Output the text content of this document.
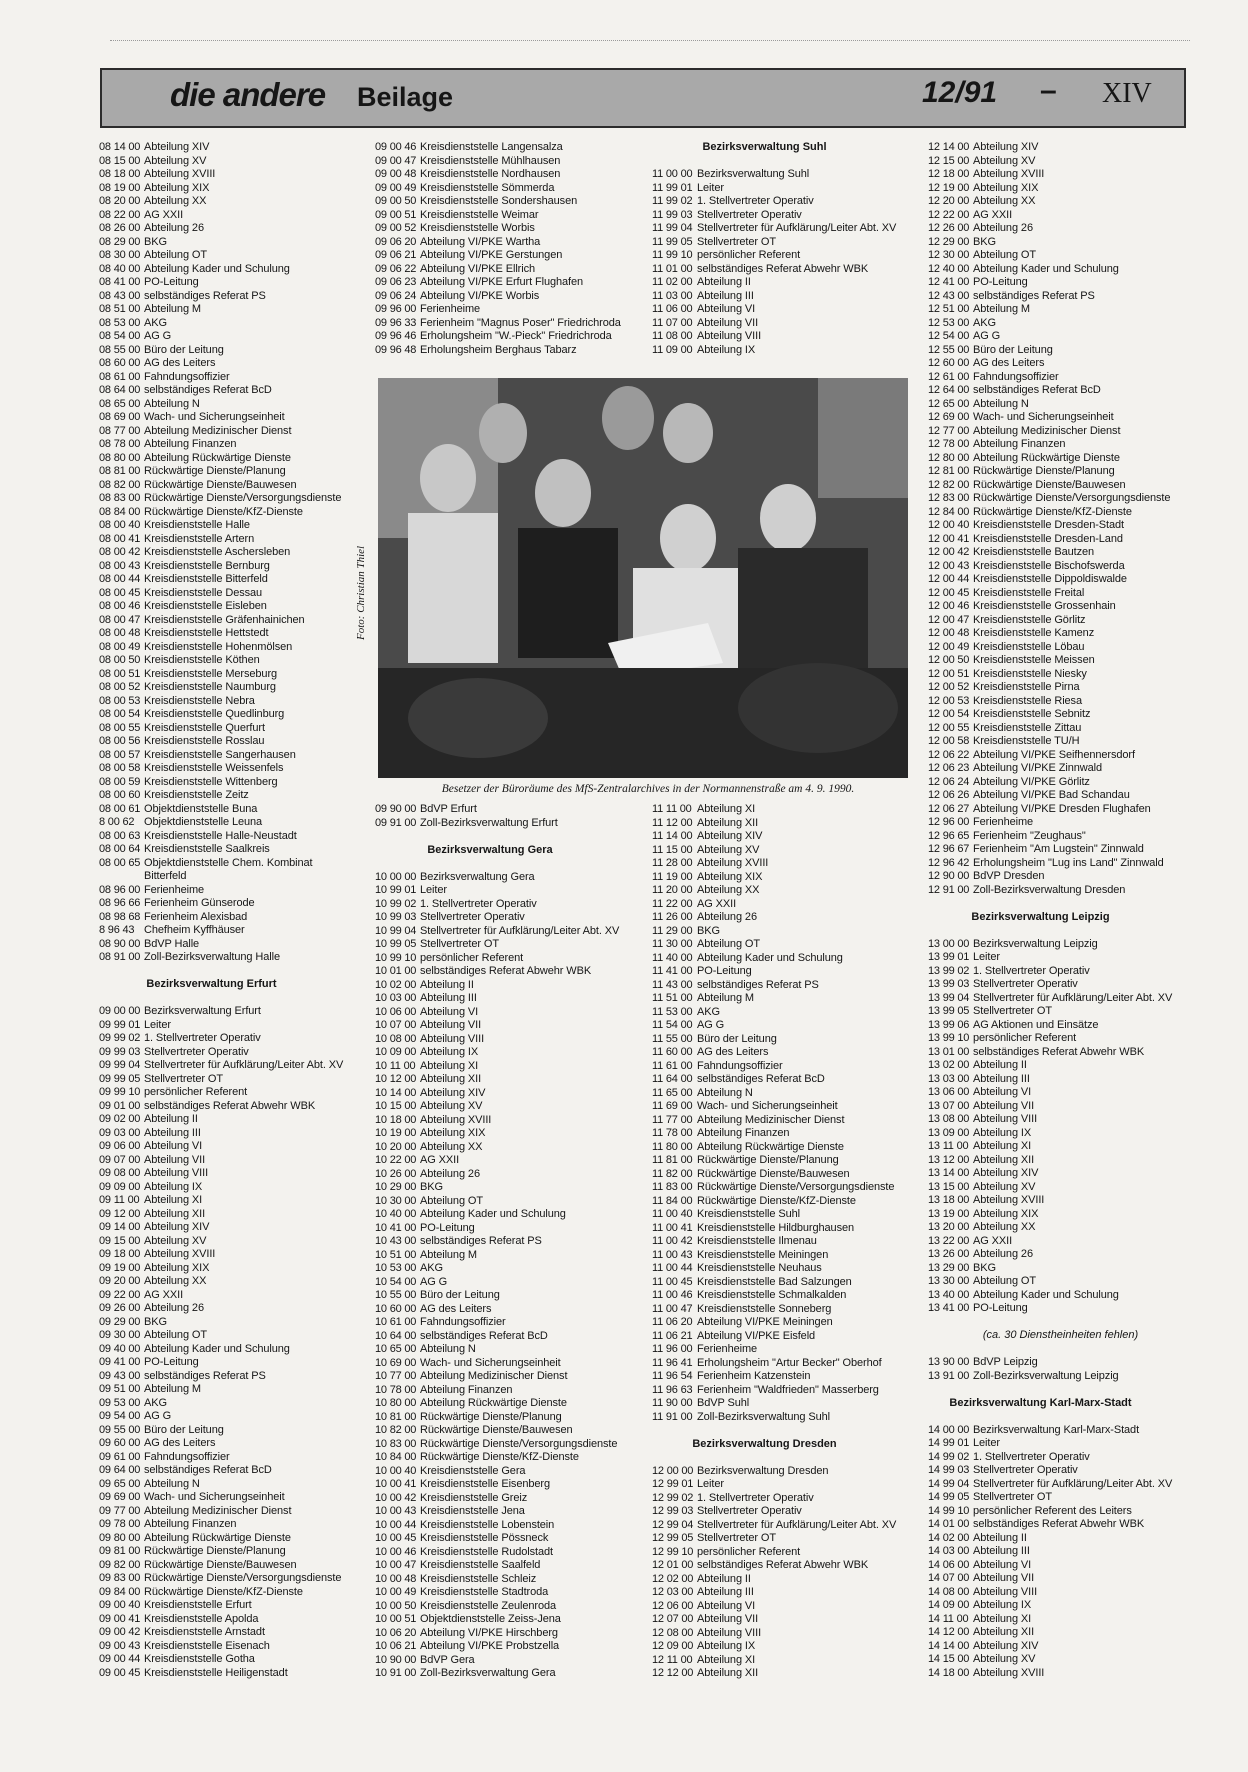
die andere Beilage	12/91 – XIV
08 14 00 Abteilung XIV
08 15 00 Abteilung XV
08 18 00 Abteilung XVIII
08 19 00 Abteilung XIX
08 20 00 Abteilung XX
08 22 00 AG XXII
08 26 00 Abteilung 26
08 29 00 BKG
08 30 00 Abteilung OT
08 40 00 Abteilung Kader und Schulung
08 41 00 PO-Leitung
08 43 00 selbständiges Referat PS
08 51 00 Abteilung M
08 53 00 AKG
08 54 00 AG G
08 55 00 Büro der Leitung
08 60 00 AG des Leiters
08 61 00 Fahndungsoffizier
08 64 00 selbständiges Referat BcD
08 65 00 Abteilung N
08 69 00 Wach- und Sicherungseinheit
08 77 00 Abteilung Medizinischer Dienst
08 78 00 Abteilung Finanzen
08 80 00 Abteilung Rückwärtige Dienste
08 81 00 Rückwärtige Dienste/Planung
08 82 00 Rückwärtige Dienste/Bauwesen
08 83 00 Rückwärtige Dienste/Versorgungsdienste
08 84 00 Rückwärtige Dienste/KfZ-Dienste
08 00 40 Kreisdienststelle Halle
08 00 41 Kreisdienststelle Artern
08 00 42 Kreisdienststelle Aschersleben
08 00 43 Kreisdienststelle Bernburg
08 00 44 Kreisdienststelle Bitterfeld
08 00 45 Kreisdienststelle Dessau
08 00 46 Kreisdienststelle Eisleben
08 00 47 Kreisdienststelle Gräfenhainichen
08 00 48 Kreisdienststelle Hettstedt
08 00 49 Kreisdienststelle Hohenmölsen
08 00 50 Kreisdienststelle Köthen
08 00 51 Kreisdienststelle Merseburg
08 00 52 Kreisdienststelle Naumburg
08 00 53 Kreisdienststelle Nebra
08 00 54 Kreisdienststelle Quedlinburg
08 00 55 Kreisdienststelle Querfurt
08 00 56 Kreisdienststelle Rosslau
08 00 57 Kreisdienststelle Sangerhausen
08 00 58 Kreisdienststelle Weissenfels
08 00 59 Kreisdienststelle Wittenberg
08 00 60 Kreisdienststelle Zeitz
08 00 61 Objektdienststelle Buna
8 00 62 Objektdienststelle Leuna
08 00 63 Kreisdienststelle Halle-Neustadt
08 00 64 Kreisdienststelle Saalkreis
08 00 65 Objektdienststelle Chem. Kombinat
Bitterfeld
08 96 00 Ferienheime
08 96 66 Ferienheim Günserode
08 98 68 Ferienheim Alexisbad
8 96 43 Chefheim Kyffhäuser
08 90 00 BdVP Halle
08 91 00 Zoll-Bezirksverwaltung Halle
Bezirksverwaltung Erfurt
09 00 00 Bezirksverwaltung Erfurt
09 99 01 Leiter
09 99 02 1. Stellvertreter Operativ
09 99 03 Stellvertreter Operativ
09 99 04 Stellvertreter für Aufklärung/Leiter Abt. XV
09 99 05 Stellvertreter OT
09 99 10 persönlicher Referent
09 01 00 selbständiges Referat Abwehr WBK
09 02 00 Abteilung II
09 03 00 Abteilung III
09 06 00 Abteilung VI
09 07 00 Abteilung VII
09 08 00 Abteilung VIII
09 09 00 Abteilung IX
09 11 00 Abteilung XI
09 12 00 Abteilung XII
09 14 00 Abteilung XIV
09 15 00 Abteilung XV
09 18 00 Abteilung XVIII
09 19 00 Abteilung XIX
09 20 00 Abteilung XX
09 22 00 AG XXII
09 26 00 Abteilung 26
09 29 00 BKG
09 30 00 Abteilung OT
09 40 00 Abteilung Kader und Schulung
09 41 00 PO-Leitung
09 43 00 selbständiges Referat PS
09 51 00 Abteilung M
09 53 00 AKG
09 54 00 AG G
09 55 00 Büro der Leitung
09 60 00 AG des Leiters
09 61 00 Fahndungsoffizier
09 64 00 selbständiges Referat BcD
09 65 00 Abteilung N
09 69 00 Wach- und Sicherungseinheit
09 77 00 Abteilung Medizinischer Dienst
09 78 00 Abteilung Finanzen
09 80 00 Abteilung Rückwärtige Dienste
09 81 00 Rückwärtige Dienste/Planung
09 82 00 Rückwärtige Dienste/Bauwesen
09 83 00 Rückwärtige Dienste/Versorgungsdienste
09 84 00 Rückwärtige Dienste/KfZ-Dienste
09 00 40 Kreisdienststelle Erfurt
09 00 41 Kreisdienststelle Apolda
09 00 42 Kreisdienststelle Arnstadt
09 00 43 Kreisdienststelle Eisenach
09 00 44 Kreisdienststelle Gotha
09 00 45 Kreisdienststelle Heiligenstadt
09 00 46 Kreisdienststelle Langensalza
09 00 47 Kreisdienststelle Mühlhausen
09 00 48 Kreisdienststelle Nordhausen
09 00 49 Kreisdienststelle Sömmerda
09 00 50 Kreisdienststelle Sondershausen
09 00 51 Kreisdienststelle Weimar
09 00 52 Kreisdienststelle Worbis
09 06 20 Abteilung VI/PKE Wartha
09 06 21 Abteilung VI/PKE Gerstungen
09 06 22 Abteilung VI/PKE Ellrich
09 06 23 Abteilung VI/PKE Erfurt Flughafen
09 06 24 Abteilung VI/PKE Worbis
09 96 00 Ferienheime
09 96 33 Ferienheim "Magnus Poser" Friedrichroda
09 96 46 Erholungsheim "W.-Pieck" Friedrichroda
09 96 48 Erholungsheim Berghaus Tabarz
Bezirksverwaltung Suhl
11 00 00 Bezirksverwaltung Suhl
11 99 01 Leiter
11 99 02 1. Stellvertreter Operativ
11 99 03 Stellvertreter Operativ
11 99 04 Stellvertreter für Aufklärung/Leiter Abt. XV
11 99 05 Stellvertreter OT
11 99 10 persönlicher Referent
11 01 00 selbständiges Referat Abwehr WBK
11 02 00 Abteilung II
11 03 00 Abteilung III
11 06 00 Abteilung VI
11 07 00 Abteilung VII
11 08 00 Abteilung VIII
11 09 00 Abteilung IX
12 14 00 Abteilung XIV
12 15 00 Abteilung XV
12 18 00 Abteilung XVIII
12 19 00 Abteilung XIX
12 20 00 Abteilung XX
12 22 00 AG XXII
12 26 00 Abteilung 26
12 29 00 BKG
12 30 00 Abteilung OT
12 40 00 Abteilung Kader und Schulung
12 41 00 PO-Leitung
12 43 00 selbständiges Referat PS
12 51 00 Abteilung M
12 53 00 AKG
12 54 00 AG G
12 55 00 Büro der Leitung
12 60 00 AG des Leiters
12 61 00 Fahndungsoffizier
12 64 00 selbständiges Referat BcD
12 65 00 Abteilung N
12 69 00 Wach- und Sicherungseinheit
12 77 00 Abteilung Medizinischer Dienst
12 78 00 Abteilung Finanzen
12 80 00 Abteilung Rückwärtige Dienste
12 81 00 Rückwärtige Dienste/Planung
12 82 00 Rückwärtige Dienste/Bauwesen
12 83 00 Rückwärtige Dienste/Versorgungsdienste
12 84 00 Rückwärtige Dienste/KfZ-Dienste
12 00 40 Kreisdienststelle Dresden-Stadt
12 00 41 Kreisdienststelle Dresden-Land
12 00 42 Kreisdienststelle Bautzen
12 00 43 Kreisdienststelle Bischofswerda
12 00 44 Kreisdienststelle Dippoldiswalde
12 00 45 Kreisdienststelle Freital
12 00 46 Kreisdienststelle Grossenhain
12 00 47 Kreisdienststelle Görlitz
12 00 48 Kreisdienststelle Kamenz
12 00 49 Kreisdienststelle Löbau
12 00 50 Kreisdienststelle Meissen
12 00 51 Kreisdienststelle Niesky
12 00 52 Kreisdienststelle Pirna
12 00 53 Kreisdienststelle Riesa
12 00 54 Kreisdienststelle Sebnitz
12 00 55 Kreisdienststelle Zittau
12 00 58 Kreisdienststelle TU/H
12 06 22 Abteilung VI/PKE Seifhennersdorf
12 06 23 Abteilung VI/PKE Zinnwald
12 06 24 Abteilung VI/PKE Görlitz
12 06 26 Abteilung VI/PKE Bad Schandau
12 06 27 Abteilung VI/PKE Dresden Flughafen
12 96 00 Ferienheime
12 96 65 Ferienheim "Zeughaus"
12 96 67 Ferienheim "Am Lugstein" Zinnwald
12 96 42 Erholungsheim "Lug ins Land" Zinnwald
12 90 00 BdVP Dresden
12 91 00 Zoll-Bezirksverwaltung Dresden
Bezirksverwaltung Leipzig
13 00 00 Bezirksverwaltung Leipzig
13 99 01 Leiter
13 99 02 1. Stellvertreter Operativ
13 99 03 Stellvertreter Operativ
13 99 04 Stellvertreter für Aufklärung/Leiter Abt. XV
13 99 05 Stellvertreter OT
13 99 06 AG Aktionen und Einsätze
13 99 10 persönlicher Referent
13 01 00 selbständiges Referat Abwehr WBK
13 02 00 Abteilung II
13 03 00 Abteilung III
13 06 00 Abteilung VI
13 07 00 Abteilung VII
13 08 00 Abteilung VIII
13 09 00 Abteilung IX
13 11 00 Abteilung XI
13 12 00 Abteilung XII
13 14 00 Abteilung XIV
13 15 00 Abteilung XV
13 18 00 Abteilung XVIII
13 19 00 Abteilung XIX
13 20 00 Abteilung XX
13 22 00 AG XXII
13 26 00 Abteilung 26
13 29 00 BKG
13 30 00 Abteilung OT
13 40 00 Abteilung Kader und Schulung
13 41 00 PO-Leitung
(ca. 30 Dienstheinheiten fehlen)
13 90 00 BdVP Leipzig
13 91 00 Zoll-Bezirksverwaltung Leipzig
Bezirksverwaltung Karl-Marx-Stadt
14 00 00 Bezirksverwaltung Karl-Marx-Stadt
14 99 01 Leiter
14 99 02 1. Stellvertreter Operativ
14 99 03 Stellvertreter Operativ
14 99 04 Stellvertreter für Aufklärung/Leiter Abt. XV
14 99 05 Stellvertreter OT
14 99 10 persönlicher Referent des Leiters
14 01 00 selbständiges Referat Abwehr WBK
14 02 00 Abteilung II
14 03 00 Abteilung III
14 06 00 Abteilung VI
14 07 00 Abteilung VII
14 08 00 Abteilung VIII
14 09 00 Abteilung IX
14 11 00 Abteilung XI
14 12 00 Abteilung XII
14 14 00 Abteilung XIV
14 15 00 Abteilung XV
14 18 00 Abteilung XVIII
09 90 00 BdVP Erfurt
09 91 00 Zoll-Bezirksverwaltung Erfurt
Bezirksverwaltung Gera
10 00 00 Bezirksverwaltung Gera
10 99 01 Leiter
10 99 02 1. Stellvertreter Operativ
10 99 03 Stellvertreter Operativ
10 99 04 Stellvertreter für Aufklärung/Leiter Abt. XV
10 99 05 Stellvertreter OT
10 99 10 persönlicher Referent
10 01 00 selbständiges Referat Abwehr WBK
10 02 00 Abteilung II
10 03 00 Abteilung III
10 06 00 Abteilung VI
10 07 00 Abteilung VII
10 08 00 Abteilung VIII
10 09 00 Abteilung IX
10 11 00 Abteilung XI
10 12 00 Abteilung XII
10 14 00 Abteilung XIV
10 15 00 Abteilung XV
10 18 00 Abteilung XVIII
10 19 00 Abteilung XIX
10 20 00 Abteilung XX
10 22 00 AG XXII
10 26 00 Abteilung 26
10 29 00 BKG
10 30 00 Abteilung OT
10 40 00 Abteilung Kader und Schulung
10 41 00 PO-Leitung
10 43 00 selbständiges Referat PS
10 51 00 Abteilung M
10 53 00 AKG
10 54 00 AG G
10 55 00 Büro der Leitung
10 60 00 AG des Leiters
10 61 00 Fahndungsoffizier
10 64 00 selbständiges Referat BcD
10 65 00 Abteilung N
10 69 00 Wach- und Sicherungseinheit
10 77 00 Abteilung Medizinischer Dienst
10 78 00 Abteilung Finanzen
10 80 00 Abteilung Rückwärtige Dienste
10 81 00 Rückwärtige Dienste/Planung
10 82 00 Rückwärtige Dienste/Bauwesen
10 83 00 Rückwärtige Dienste/Versorgungsdienste
10 84 00 Rückwärtige Dienste/KfZ-Dienste
10 00 40 Kreisdienststelle Gera
10 00 41 Kreisdienststelle Eisenberg
10 00 42 Kreisdienststelle Greiz
10 00 43 Kreisdienststelle Jena
10 00 44 Kreisdienststelle Lobenstein
10 00 45 Kreisdienststelle Pössneck
10 00 46 Kreisdienststelle Rudolstadt
10 00 47 Kreisdienststelle Saalfeld
10 00 48 Kreisdienststelle Schleiz
10 00 49 Kreisdienststelle Stadtroda
10 00 50 Kreisdienststelle Zeulenroda
10 00 51 Objektdienststelle Zeiss-Jena
10 06 20 Abteilung VI/PKE Hirschberg
10 06 21 Abteilung VI/PKE Probstzella
10 90 00 BdVP Gera
10 91 00 Zoll-Bezirksverwaltung Gera
11 11 00 Abteilung XI
11 12 00 Abteilung XII
11 14 00 Abteilung XIV
11 15 00 Abteilung XV
11 28 00 Abteilung XVIII
11 19 00 Abteilung XIX
11 20 00 Abteilung XX
11 22 00 AG XXII
11 26 00 Abteilung 26
11 29 00 BKG
11 30 00 Abteilung OT
11 40 00 Abteilung Kader und Schulung
11 41 00 PO-Leitung
11 43 00 selbständiges Referat PS
11 51 00 Abteilung M
11 53 00 AKG
11 54 00 AG G
11 55 00 Büro der Leitung
11 60 00 AG des Leiters
11 61 00 Fahndungsoffizier
11 64 00 selbständiges Referat BcD
11 65 00 Abteilung N
11 69 00 Wach- und Sicherungseinheit
11 77 00 Abteilung Medizinischer Dienst
11 78 00 Abteilung Finanzen
11 80 00 Abteilung Rückwärtige Dienste
11 81 00 Rückwärtige Dienste/Planung
11 82 00 Rückwärtige Dienste/Bauwesen
11 83 00 Rückwärtige Dienste/Versorgungsdienste
11 84 00 Rückwärtige Dienste/KfZ-Dienste
11 00 40 Kreisdienststelle Suhl
11 00 41 Kreisdienststelle Hildburghausen
11 00 42 Kreisdienststelle Ilmenau
11 00 43 Kreisdienststelle Meiningen
11 00 44 Kreisdienststelle Neuhaus
11 00 45 Kreisdienststelle Bad Salzungen
11 00 46 Kreisdienststelle Schmalkalden
11 00 47 Kreisdienststelle Sonneberg
11 06 20 Abteilung VI/PKE Meiningen
11 06 21 Abteilung VI/PKE Eisfeld
11 96 00 Ferienheime
11 96 41 Erholungsheim "Artur Becker" Oberhof
11 96 54 Ferienheim Katzenstein
11 96 63 Ferienheim "Waldfrieden" Masserberg
11 90 00 BdVP Suhl
11 91 00 Zoll-Bezirksverwaltung Suhl
Bezirksverwaltung Dresden
12 00 00 Bezirksverwaltung Dresden
12 99 01 Leiter
12 99 02 1. Stellvertreter Operativ
12 99 03 Stellvertreter Operativ
12 99 04 Stellvertreter für Aufklärung/Leiter Abt. XV
12 99 05 Stellvertreter OT
12 99 10 persönlicher Referent
12 01 00 selbständiges Referat Abwehr WBK
12 02 00 Abteilung II
12 03 00 Abteilung III
12 06 00 Abteilung VI
12 07 00 Abteilung VII
12 08 00 Abteilung VIII
12 09 00 Abteilung IX
12 11 00 Abteilung XI
12 12 00 Abteilung XII
Foto: Christian Thiel
Besetzer der Büroräume des MfS-Zentralarchives in der Normannenstraße am 4. 9. 1990.
